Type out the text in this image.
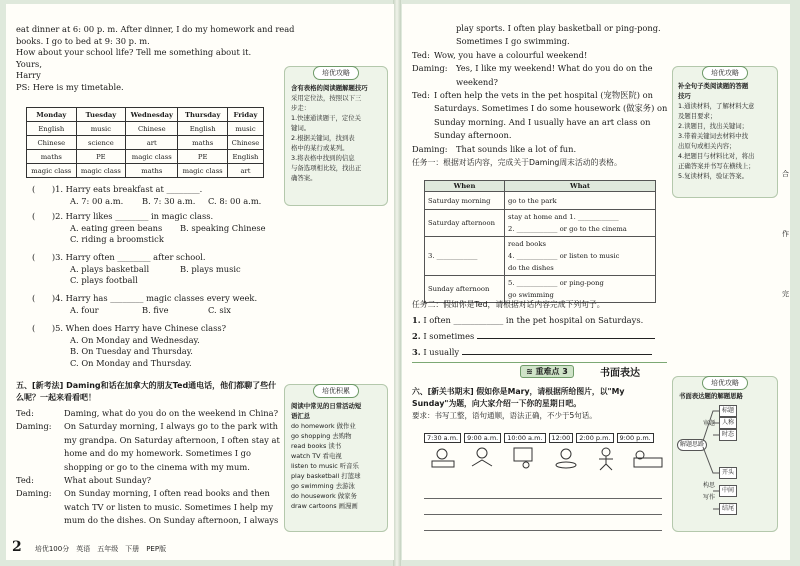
eat dinner at 6: 00 p. m. After dinner, I do my homework and read
books. I go to bed at 9: 30 p. m.
How about your school life? Tell me something about it.
Yours,
Harry
PS: Here is my timetable.
Monday	Tuesday	Wednesday	Thursday	Friday
English	music	Chinese	English	music
Chinese	science	art	maths	Chinese
maths	PE	magic class	PE	English
magic class	magic class	maths	magic class	art
(　　)1. Harry eats breakfast at ________.
A. 7: 00 a.m. B. 7: 30 a.m. C. 8: 00 a.m.
(　　)2. Harry likes ________ in magic class.
A. eating green beans B. speaking Chinese
C. riding a broomstick
(　　)3. Harry often ________ after school.
A. plays basketball	B. plays music
C. plays football
(　　)4. Harry has ________ magic classes every week.
A. four	B. five	C. six
(　　)5. When does Harry have Chinese class?
A. On Monday and Wednesday.
B. On Tuesday and Thursday.
C. On Monday and Thursday.
五、[新考法] Daming和话在加拿大的朋友Ted通电话，他们都聊了些什么呢？一起来看看吧！
Ted:	Daming, what do you do on the weekend in China?
Daming: On Saturday morning, I always go to the park with
my grandpa. On Saturday afternoon, I often stay at
home and do my homework. Sometimes I go
shopping or go to the cinema with my mum.
Ted:	What about Sunday?
Daming: On Sunday morning, I often read books and then
watch TV or listen to music. Sometimes I help my
mum do the dishes. On Sunday afternoon, I always
培优攻略
含有表格的阅读题解题技巧
采用定位法，按照以下三
步走：
1.快速通读题干，定位关
键词。
2.根据关键词，找到表
格中的某行或某列。
3.将表格中找到的信息
与备选项相比较，找出正
确答案。
培优积累
阅读中常见的日常活动短
语汇总
do homework 做作业
go shopping 去购物
read books 读书
watch TV 看电视
listen to music 听音乐
play basketball 打篮球
go swimming 去游泳
do housework 做家务
draw cartoons 画漫画
2 培优100分　英语　五年级　下册　PEP版
play sports. I often play basketball or ping-pong.
Sometimes I go swimming.
Ted: Wow, you have a colourful weekend!
Daming: Yes, I like my weekend! What do you do on the
weekend?
Ted: I often help the vets in the pet hospital (宠物医院) on
Saturdays. Sometimes I do some housework (做家务) on
Sunday morning. And I usually have an art class on
Sunday afternoon.
Daming: That sounds like a lot of fun.
任务一：根据对话内容，完成关于Daming周末活动的表格。
When	What
Saturday morning	go to the park
Saturday afternoon	stay at home and 1. ____________
2. ____________ or go to the cinema

3. ____________	read books
4. ____________ or listen to music
do the dishes

Sunday afternoon	5. ____________ or ping-pong
go swimming
任务二：假如你是Ted，请根据对话内容完成下列句子。
1. I often ____________ in the pet hospital on Saturdays.
2. I sometimes
3. I usually
≋ 重难点 3	书面表达
六、[新关书期末] 假如你是Mary，请根据所给图片，以"My Sunday"为题，向大家介绍一下你的星期日吧。
要求：书写工整，语句通顺，语法正确，不少于5句话。
7:30 a.m. 9:00 a.m. 10:00 a.m. 12:00 2:00 p.m. 9:00 p.m.
培优攻略
补全句子类阅读题的答题
技巧
1.通读材料，了解材料大意
及题目要求；
2.读题目，找出关键词；
3.带着关键词去材料中找
出原句或相关内容；
4.把题目与材料比对，将出
正确答案并书写在横线上；
5.复读材料，验证答案。
培优攻略
书面表达题的解题思路
解题思路
标题
人称
时态
审题
构思
写作
开头
中间
结尾
合
作
完
